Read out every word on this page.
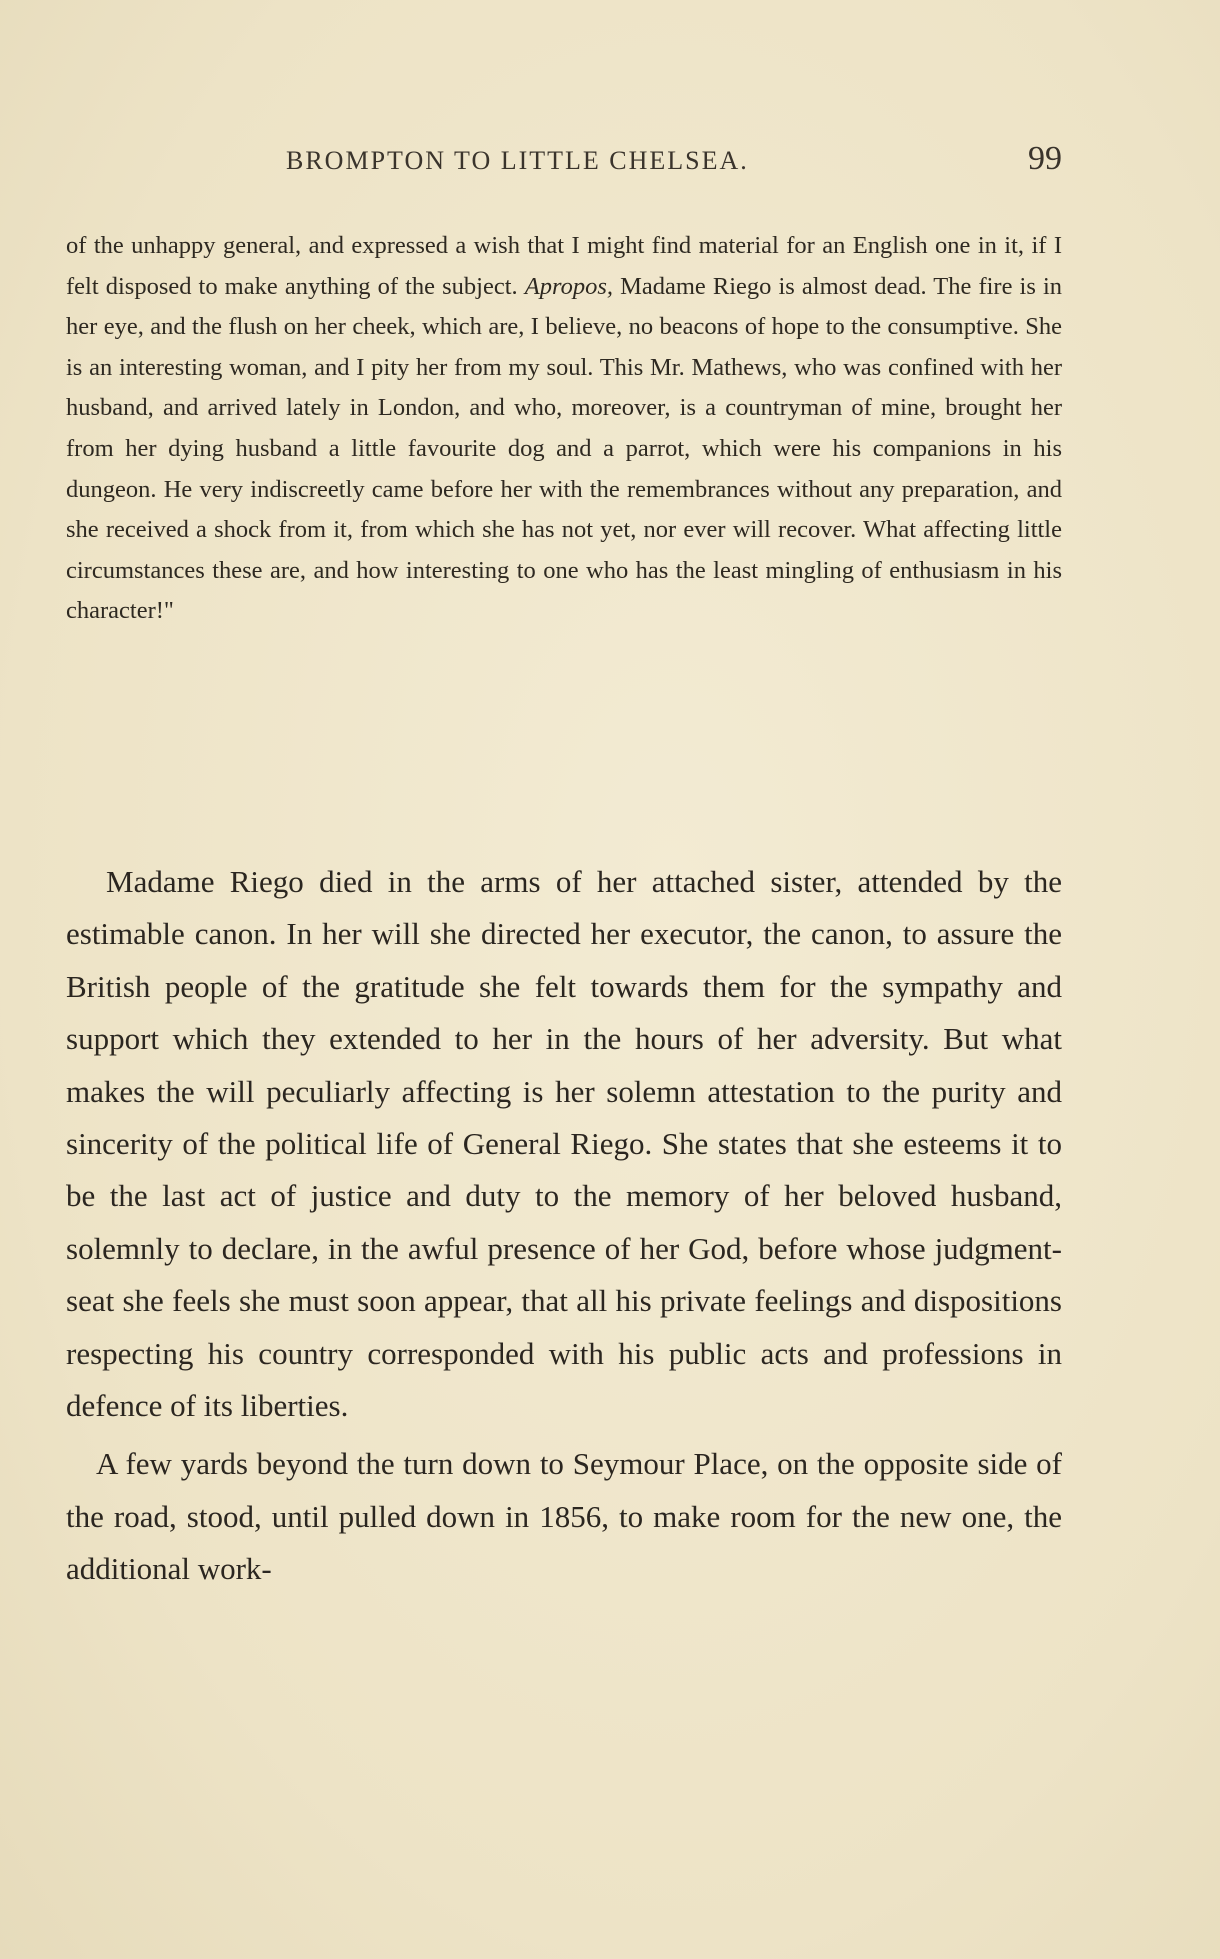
BROMPTON TO LITTLE CHELSEA.	99

of the unhappy general, and expressed a wish that I might find material for an English one in it, if I felt disposed to make anything of the subject. Apropos, Madame Riego is almost dead. The fire is in her eye, and the flush on her cheek, which are, I believe, no beacons of hope to the consumptive. She is an interesting woman, and I pity her from my soul. This Mr. Mathews, who was confined with her husband, and arrived lately in London, and who, moreover, is a countryman of mine, brought her from her dying husband a little favourite dog and a parrot, which were his companions in his dungeon. He very indiscreetly came before her with the remembrances without any preparation, and she received a shock from it, from which she has not yet, nor ever will recover. What affecting little circumstances these are, and how interesting to one who has the least mingling of enthusiasm in his character!"

Madame Riego died in the arms of her attached sister, attended by the estimable canon. In her will she directed her executor, the canon, to assure the British people of the gratitude she felt towards them for the sympathy and support which they extended to her in the hours of her adversity. But what makes the will peculiarly affecting is her solemn attestation to the purity and sincerity of the political life of General Riego. She states that she esteems it to be the last act of justice and duty to the memory of her beloved husband, solemnly to declare, in the awful presence of her God, before whose judgment-seat she feels she must soon appear, that all his private feelings and dispositions respecting his country corresponded with his public acts and professions in defence of its liberties.

A few yards beyond the turn down to Seymour Place, on the opposite side of the road, stood, until pulled down in 1856, to make room for the new one, the additional work-
